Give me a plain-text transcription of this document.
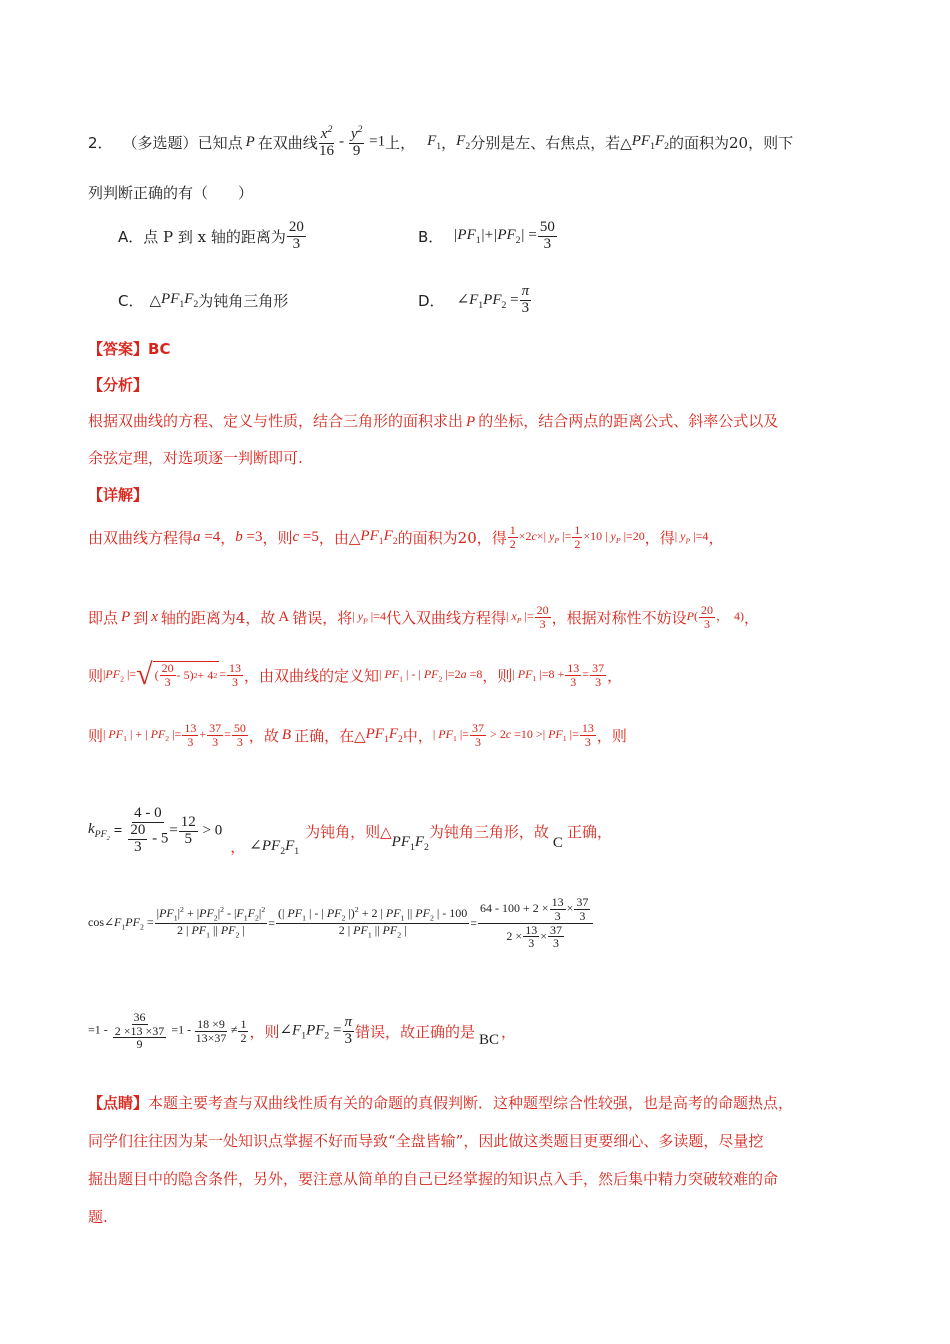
2． （多选题） 已知点 P 在双曲线 $\frac{x^2}{16} - \frac{y^2}{9} =1$ 上， $F_1$ ， $F_2$ 分别是左、右焦点，若△ $PF_1F_2$ 的面积为20，则下
列判断正确的有（　　）
A． 点 P 到 x 轴的距离为 $\frac{20}{3}$	B． $|PF_1|+|PF_2| = \frac{50}{3}$
C． △ $PF_1F_2$ 为钝角三角形	D． $\angle F_1PF_2 = \frac{\pi}{3}$
【答案】BC
【分析】
根据双曲线的方程、定义与性质，结合三角形的面积求出 P 的坐标，结合两点的距离公式、斜率公式以及
余弦定理，对选项逐一判断即可.
【详解】
由双曲线方程得 a =4 ， b =3 ，则 c =5 ，由△ $PF_1F_2$ 的面积为20，得 $\frac{1}{2} \times 2c\times|$ $y_P$ |= $\frac{1}{2} \times 10$ | $y_P$ |=20 ，得 | $y_P$ |=4 ，
即点 P 到 x 轴的距离为4，故 A 错误，将 | $y_P$ |=4 代入双曲线方程得 | $x_P$ |= $\frac{20}{3}$ ，根据对称性不妨设 $P( \frac{20}{3}$ ，　4) ，
则 $|PF_2$ |= √ ( $\frac{20}{3} - 5$) 2 + 4 $2 = \frac{13}{3}$ ，由双曲线的定义知 | $PF_1$ | - | $PF_2$ |=2a =8 ，则 | $PF_1$ $|=8 + \frac{13}{3} = \frac{37}{3}$ ，
则 | $PF_1$ | + | $PF_2$ |= $\frac{13}{3} + \frac{37}{3} = \frac{50}{3}$ ，故 B 正确，在△ $PF_1F_2$ 中， | $PF_1$ |= $\frac{37}{3} > 2c =10$ >| $PF_1$ |= $\frac{13}{3}$ ，则
$k_{PF_2} = \frac{4 - 0}{\frac{20}{3} - 5} = \frac{12}{5} > 0$
， $\angle PF_2F_1$
为钝角，则△
$PF_1F_2$
为钝角三角形，故
C
正确，
$\cos\angle F_1PF_2 = \frac{|PF_1|^2 + |PF_2|^2 - |F_1F_2|^2}{2 | PF_1 || PF_2 |} = \frac{(| PF_1 | - | PF_2 |)^2 + 2 | PF_1 || PF_2 | - 100}{2 | PF_1 || PF_2 |} = \frac{64 - 100 + 2 \times \frac{13}{3} \times \frac{37}{3}}{2 \times \frac{13}{3} \times \frac{37}{3}}$
$=1 - \frac{36}{\frac{2 \times 13 \times 37}{9}} =1 - \frac{18 \times 9}{13\times 37} \ne \frac{1}{2}$ ，则 $\angle F_1PF_2 = \frac{\pi}{3}$ 错误，故正确的是 BC ，
【点睛】本题主要考查与双曲线性质有关的命题的真假判断．这种题型综合性较强，也是高考的命题热点，
同学们往往因为某一处知识点掌握不好而导致“全盘皆输”，因此做这类题目更要细心、多读题，尽量挖
掘出题目中的隐含条件，另外，要注意从简单的自己已经掌握的知识点入手，然后集中精力突破较难的命
题.
